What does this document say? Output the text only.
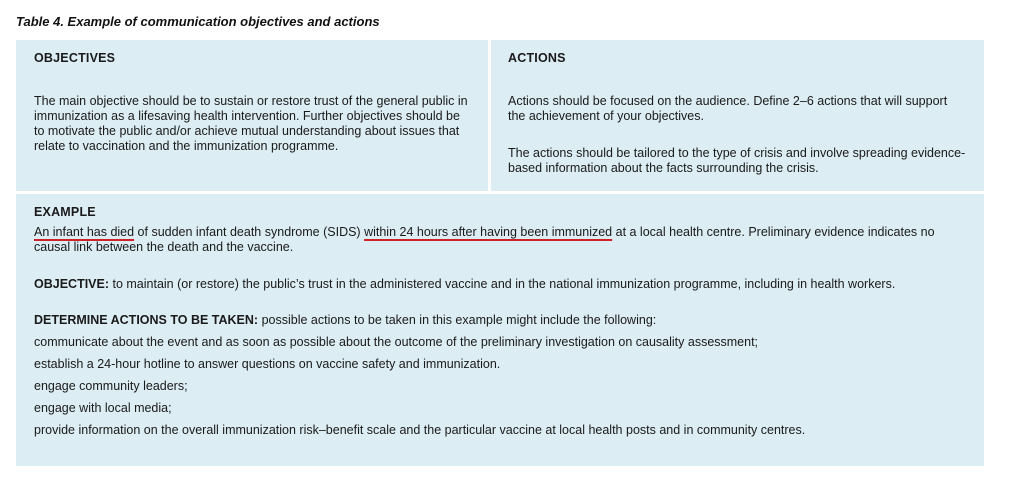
Table 4. Example of communication objectives and actions
OBJECTIVES

The main objective should be to sustain or restore trust of the general public in immunization as a lifesaving health intervention. Further objectives should be to motivate the public and/or achieve mutual understanding about issues that relate to vaccination and the immunization programme.

ACTIONS

Actions should be focused on the audience. Define 2–6 actions that will support the achievement of your objectives.

The actions should be tailored to the type of crisis and involve spreading evidence-based information about the facts surrounding the crisis.

EXAMPLE

An infant has died of sudden infant death syndrome (SIDS) within 24 hours after having been immunized at a local health centre. Preliminary evidence indicates no causal link between the death and the vaccine.

OBJECTIVE: to maintain (or restore) the public’s trust in the administered vaccine and in the national immunization programme, including in health workers.

DETERMINE ACTIONS TO BE TAKEN: possible actions to be taken in this example might include the following:

communicate about the event and as soon as possible about the outcome of the preliminary investigation on causality assessment;

establish a 24-hour hotline to answer questions on vaccine safety and immunization.

engage community leaders;

engage with local media;

provide information on the overall immunization risk–benefit scale and the particular vaccine at local health posts and in community centres.
